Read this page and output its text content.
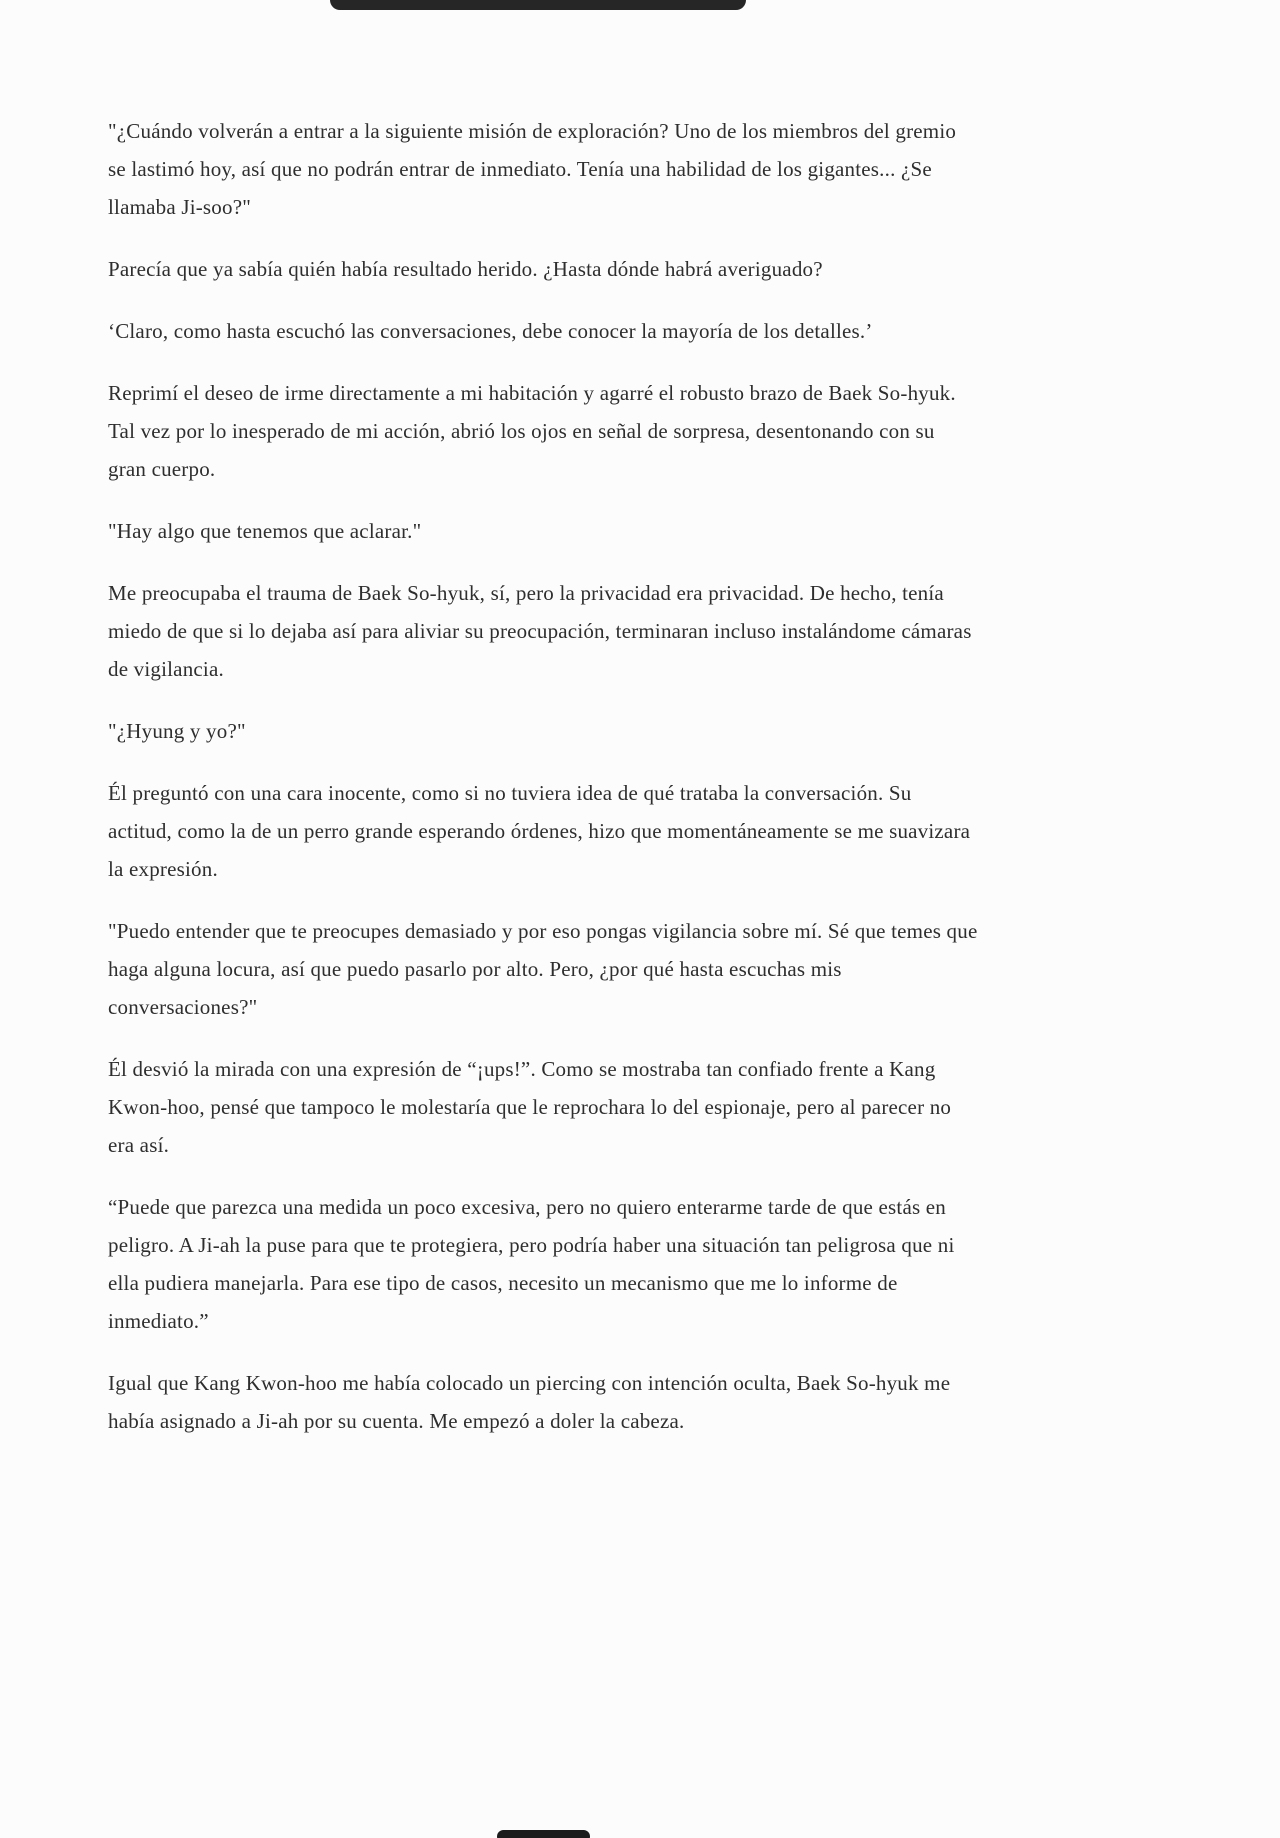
"¿Cuándo volverán a entrar a la siguiente misión de exploración? Uno de los miembros del gremio se lastimó hoy, así que no podrán entrar de inmediato. Tenía una habilidad de los gigantes... ¿Se llamaba Ji-soo?"

Parecía que ya sabía quién había resultado herido. ¿Hasta dónde habrá averiguado?

‘Claro, como hasta escuchó las conversaciones, debe conocer la mayoría de los detalles.’

Reprimí el deseo de irme directamente a mi habitación y agarré el robusto brazo de Baek So-hyuk. Tal vez por lo inesperado de mi acción, abrió los ojos en señal de sorpresa, desentonando con su gran cuerpo.

"Hay algo que tenemos que aclarar."

Me preocupaba el trauma de Baek So-hyuk, sí, pero la privacidad era privacidad. De hecho, tenía miedo de que si lo dejaba así para aliviar su preocupación, terminaran incluso instalándome cámaras de vigilancia.

"¿Hyung y yo?"

Él preguntó con una cara inocente, como si no tuviera idea de qué trataba la conversación. Su actitud, como la de un perro grande esperando órdenes, hizo que momentáneamente se me suavizara la expresión.

"Puedo entender que te preocupes demasiado y por eso pongas vigilancia sobre mí. Sé que temes que haga alguna locura, así que puedo pasarlo por alto. Pero, ¿por qué hasta escuchas mis conversaciones?"

Él desvió la mirada con una expresión de “¡ups!”. Como se mostraba tan confiado frente a Kang Kwon-hoo, pensé que tampoco le molestaría que le reprochara lo del espionaje, pero al parecer no era así.

“Puede que parezca una medida un poco excesiva, pero no quiero enterarme tarde de que estás en peligro. A Ji-ah la puse para que te protegiera, pero podría haber una situación tan peligrosa que ni ella pudiera manejarla. Para ese tipo de casos, necesito un mecanismo que me lo informe de inmediato.”

Igual que Kang Kwon-hoo me había colocado un piercing con intención oculta, Baek So-hyuk me había asignado a Ji-ah por su cuenta. Me empezó a doler la cabeza.
